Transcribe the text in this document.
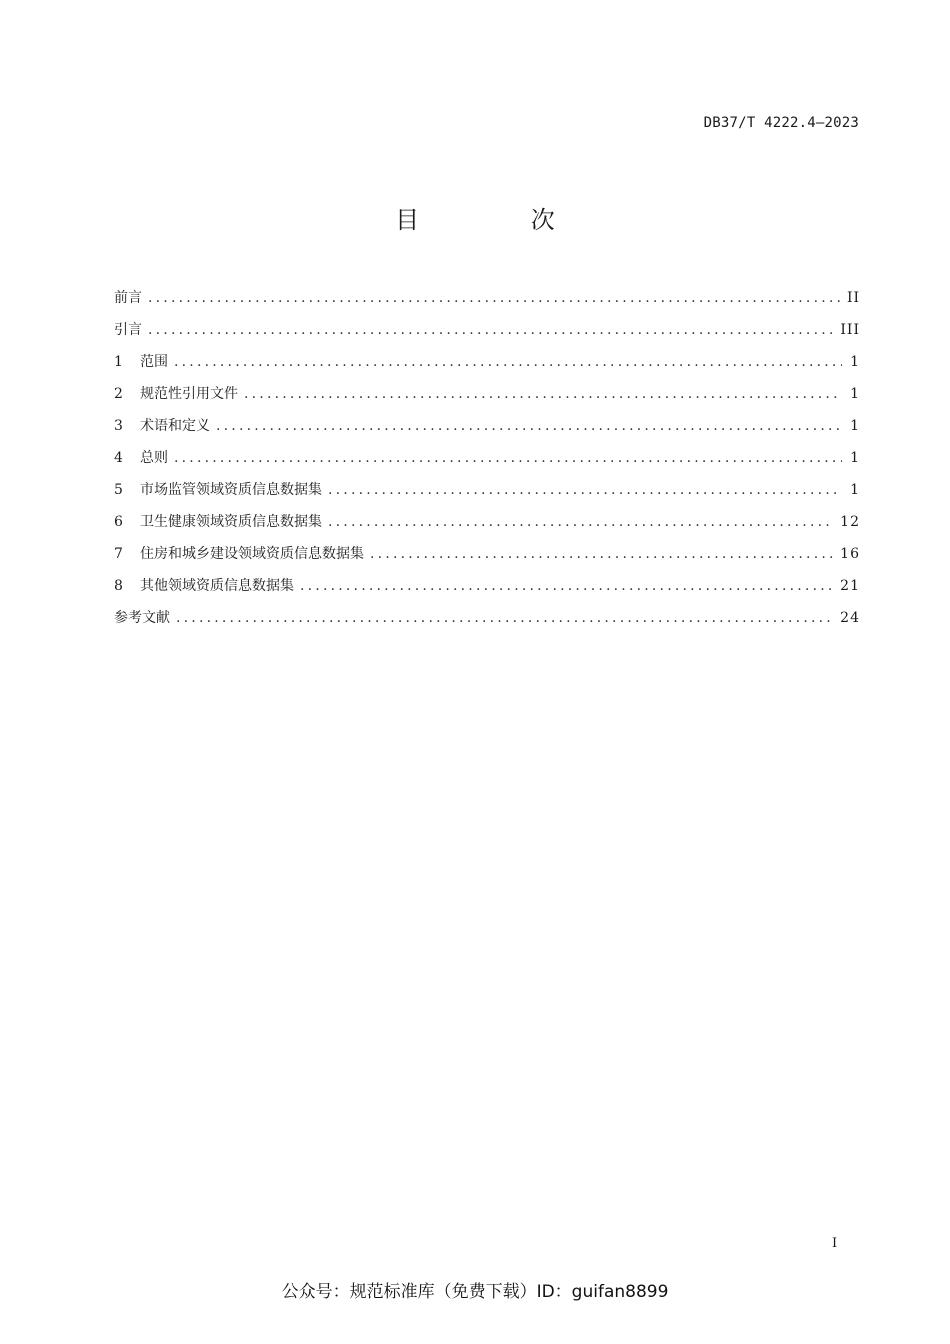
DB37/T 4222.4—2023
目 次
前言 .....	II
引言 .....	III
1	范围 .....	1
2	规范性引用文件 .....	1
3	术语和定义 .....	1
4	总则 .....	1
5	市场监管领域资质信息数据集 .....	1
6	卫生健康领域资质信息数据集 .....	12
7	住房和城乡建设领域资质信息数据集 .....	16
8	其他领域资质信息数据集 .....	21
参考文献 .....	24
I
公众号：规范标准库（免费下载）ID：guifan8899
